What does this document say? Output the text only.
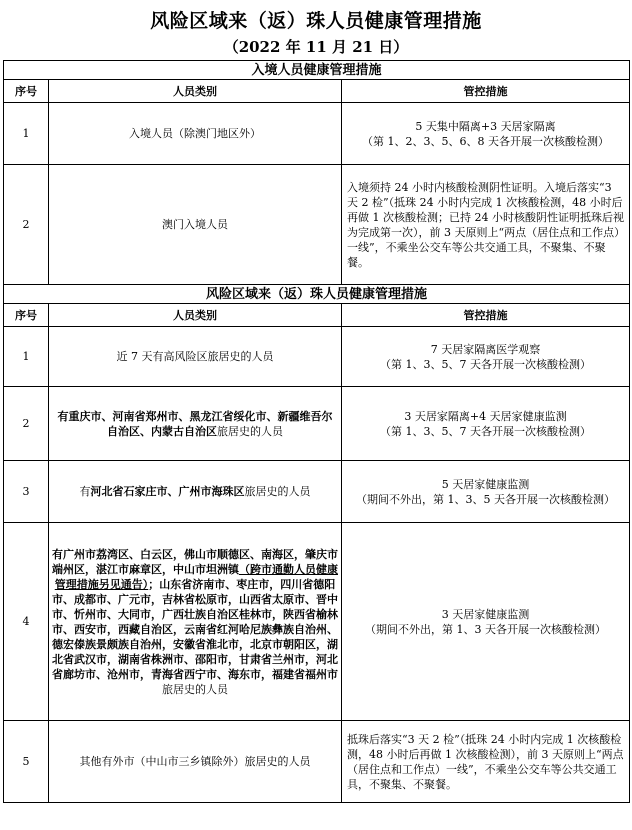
风险区域来（返）珠人员健康管理措施
（2022 年 11 月 21 日）
入境人员健康管理措施		
序号	人员类别	管控措施
1	入境人员（除澳门地区外）	5 天集中隔离+3 天居家隔离
（第 1、2、3、5、6、8 天各开展一次核酸检测）
2	澳门入境人员	入境须持 24 小时内核酸检测阴性证明。入境后落实“3 天 2 检”（抵珠 24 小时内完成 1 次核酸检测，48 小时后再做 1 次核酸检测；已持 24 小时核酸阴性证明抵珠后视为完成第一次），前 3 天原则上“两点（居住点和工作点）一线”，不乘坐公交车等公共交通工具，不聚集、不聚餐。
风险区域来（返）珠人员健康管理措施		
序号	人员类别	管控措施
1	近 7 天有高风险区旅居史的人员	7 天居家隔离医学观察
（第 1、3、5、7 天各开展一次核酸检测）
2	有重庆市、河南省郑州市、黑龙江省绥化市、新疆维吾尔自治区、内蒙古自治区旅居史的人员	3 天居家隔离+4 天居家健康监测
（第 1、3、5、7 天各开展一次核酸检测）
3	有河北省石家庄市、广州市海珠区旅居史的人员	5 天居家健康监测
（期间不外出，第 1、3、5 天各开展一次核酸检测）
4	有广州市荔湾区、白云区，佛山市顺德区、南海区，肇庆市端州区，湛江市麻章区，中山市坦洲镇（跨市通勤人员健康管理措施另见通告）；山东省济南市、枣庄市，四川省德阳市、成都市、广元市，吉林省松原市，山西省太原市、晋中市、忻州市、大同市，广西壮族自治区桂林市，陕西省榆林市、西安市，西藏自治区，云南省红河哈尼族彝族自治州、德宏傣族景颇族自治州，安徽省淮北市，北京市朝阳区，湖北省武汉市，湖南省株洲市、邵阳市，甘肃省兰州市，河北省廊坊市、沧州市，青海省西宁市、海东市，福建省福州市旅居史的人员	3 天居家健康监测
（期间不外出，第 1、3 天各开展一次核酸检测）
5	其他有外市（中山市三乡镇除外）旅居史的人员	抵珠后落实“3 天 2 检”（抵珠 24 小时内完成 1 次核酸检测，48 小时后再做 1 次核酸检测），前 3 天原则上“两点（居住点和工作点）一线”，不乘坐公交车等公共交通工具，不聚集、不聚餐。
